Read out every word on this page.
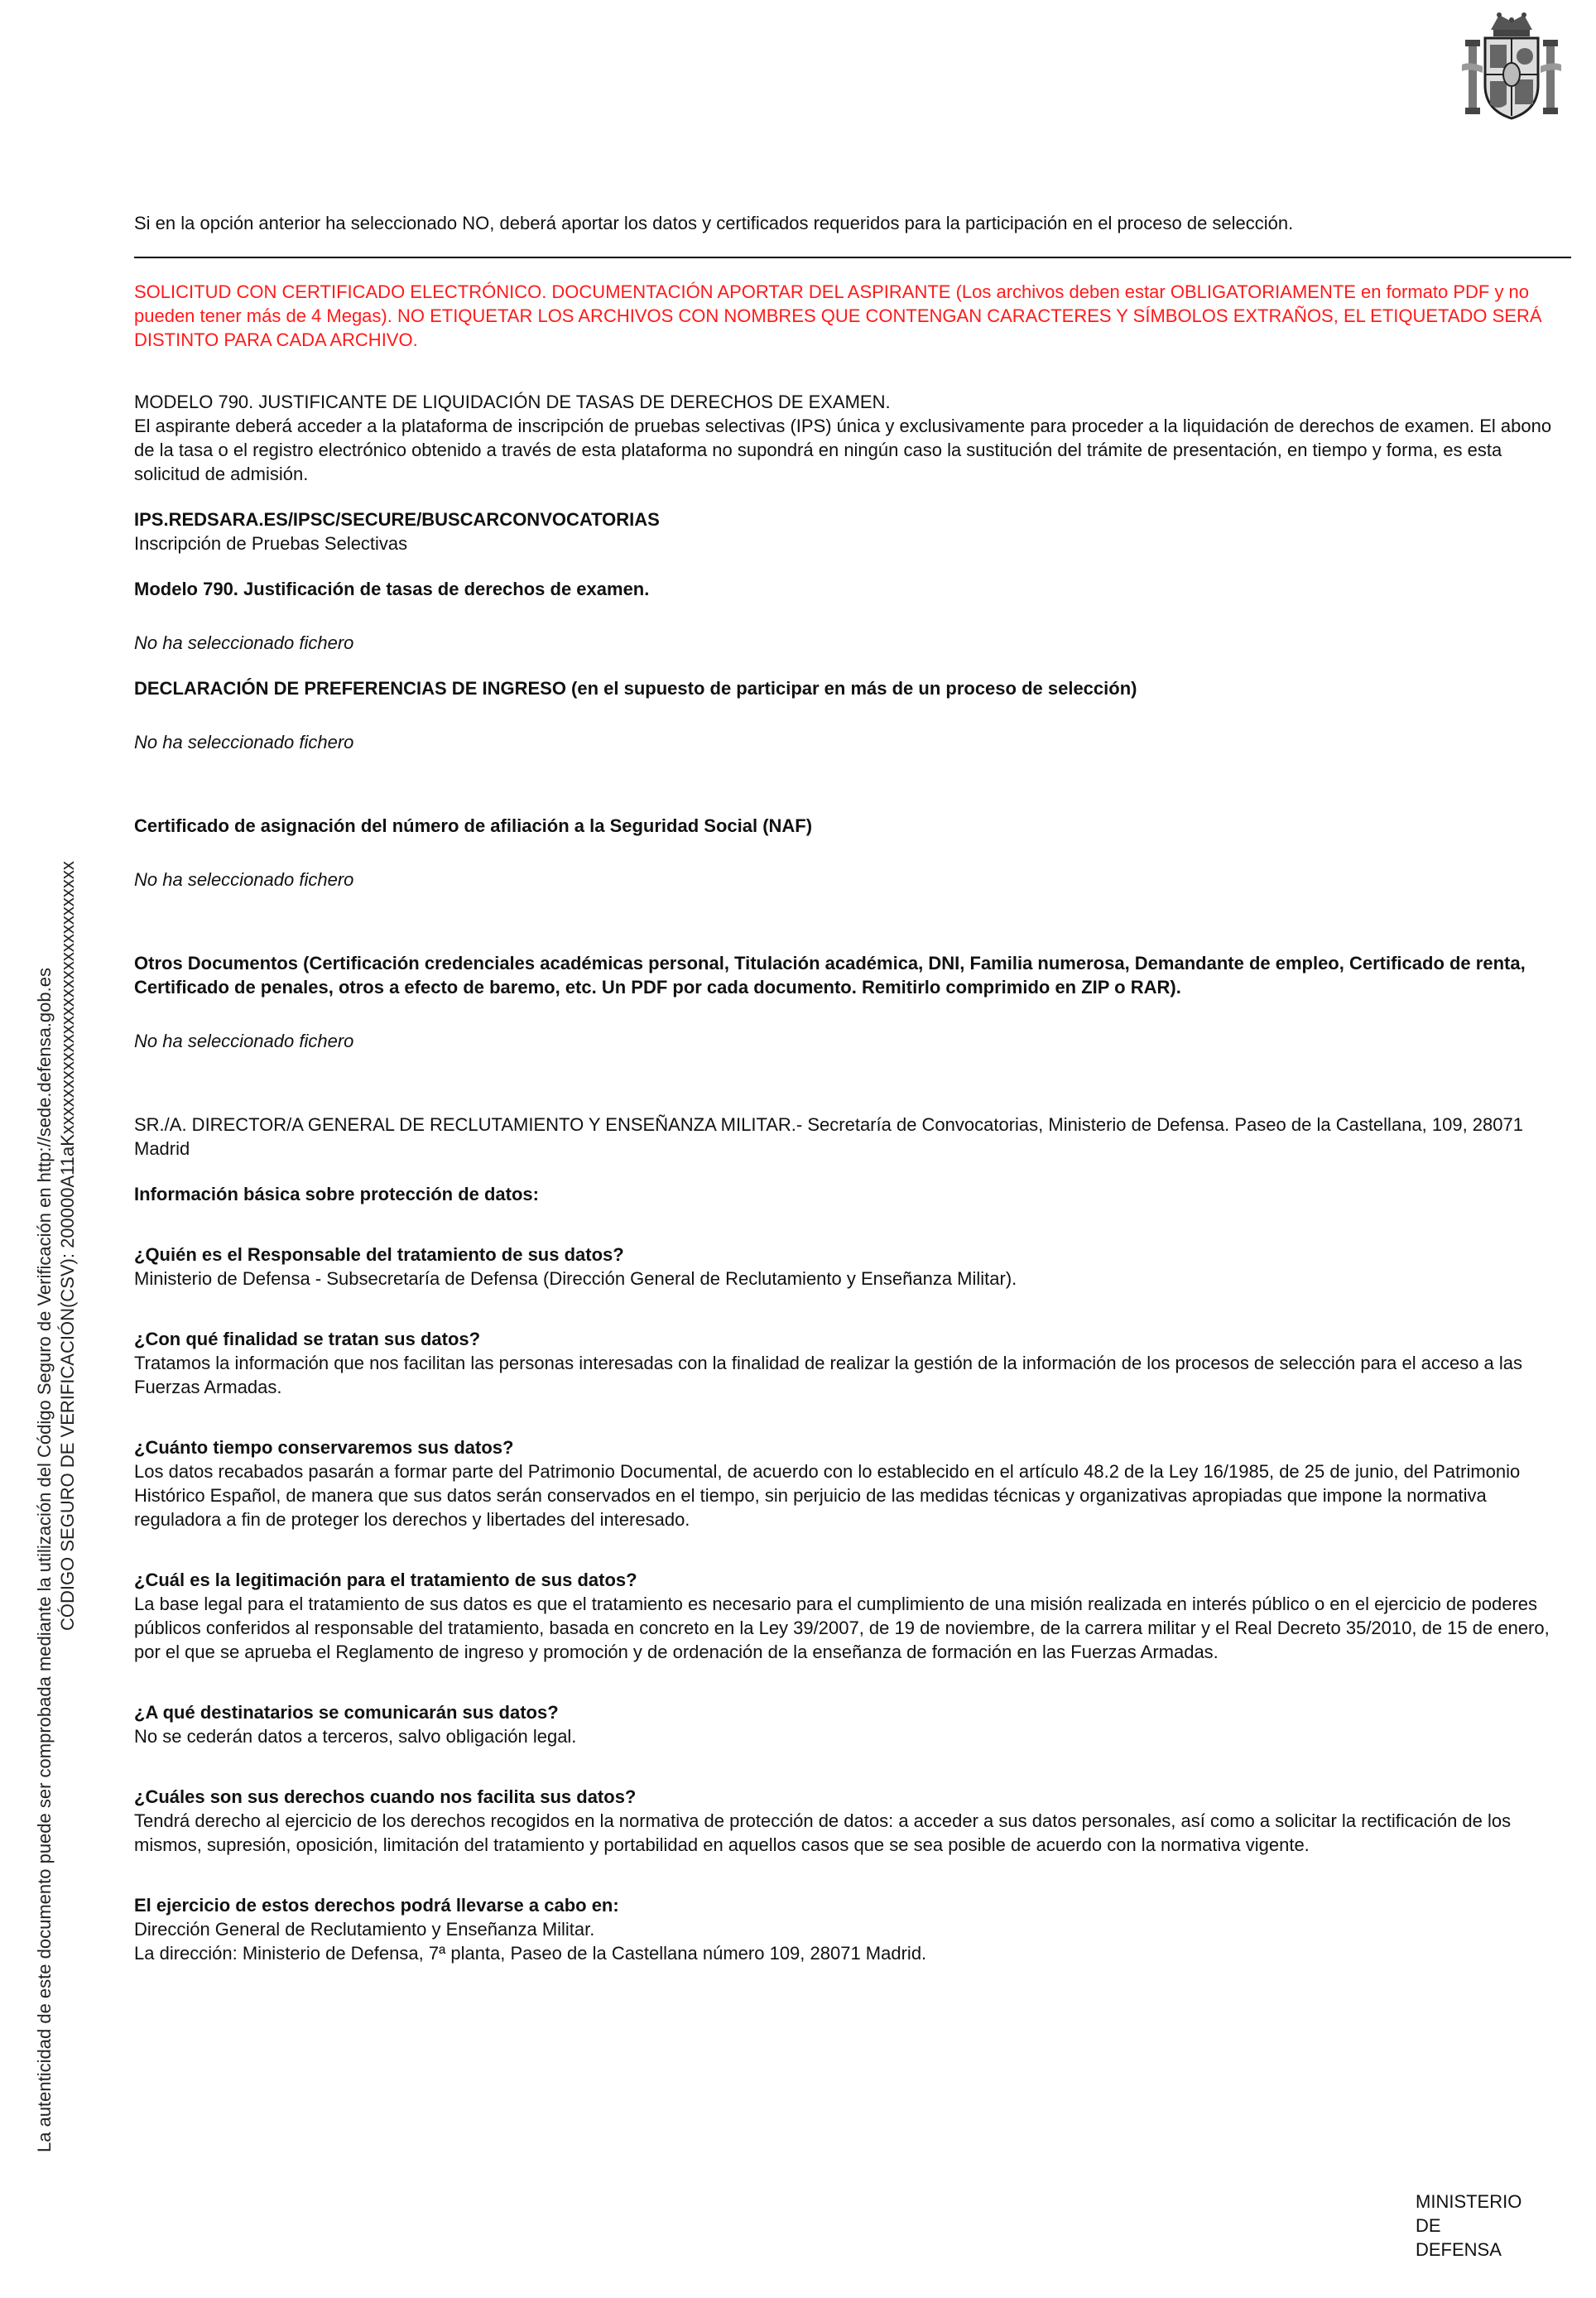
La autenticidad de este documento puede ser comprobada mediante la utilización del Código Seguro de Verificación en http://sede.defensa.gob.es CÓDIGO SEGURO DE VERIFICACIÓN(CSV): 200000A11aKxxxxxxxxxxxxxxxxxxxxxxxxxxxxxx

Si en la opción anterior ha seleccionado NO, deberá aportar los datos y certificados requeridos para la participación en el proceso de selección.

SOLICITUD CON CERTIFICADO ELECTRÓNICO. DOCUMENTACIÓN APORTAR DEL ASPIRANTE (Los archivos deben estar OBLIGATORIAMENTE en formato PDF y no pueden tener más de 4 Megas). NO ETIQUETAR LOS ARCHIVOS CON NOMBRES QUE CONTENGAN CARACTERES Y SÍMBOLOS EXTRAÑOS, EL ETIQUETADO SERÁ DISTINTO PARA CADA ARCHIVO.

MODELO 790. JUSTIFICANTE DE LIQUIDACIÓN DE TASAS DE DERECHOS DE EXAMEN.

El aspirante deberá acceder a la plataforma de inscripción de pruebas selectivas (IPS) única y exclusivamente para proceder a la liquidación de derechos de examen. El abono de la tasa o el registro electrónico obtenido a través de esta plataforma no supondrá en ningún caso la sustitución del trámite de presentación, en tiempo y forma, es esta solicitud de admisión.

IPS.REDSARA.ES/IPSC/SECURE/BUSCARCONVOCATORIAS

Inscripción de Pruebas Selectivas

Modelo 790. Justificación de tasas de derechos de examen.

No ha seleccionado fichero

DECLARACIÓN DE PREFERENCIAS DE INGRESO (en el supuesto de participar en más de un proceso de selección)

No ha seleccionado fichero

Certificado de asignación del número de afiliación a la Seguridad Social (NAF)

No ha seleccionado fichero

Otros Documentos (Certificación credenciales académicas personal, Titulación académica, DNI, Familia numerosa, Demandante de empleo, Certificado de renta, Certificado de penales, otros a efecto de baremo, etc. Un PDF por cada documento. Remitirlo comprimido en ZIP o RAR).

No ha seleccionado fichero

SR./A. DIRECTOR/A GENERAL DE RECLUTAMIENTO Y ENSEÑANZA MILITAR.- Secretaría de Convocatorias, Ministerio de Defensa. Paseo de la Castellana, 109, 28071 Madrid

Información básica sobre protección de datos:

¿Quién es el Responsable del tratamiento de sus datos?

Ministerio de Defensa - Subsecretaría de Defensa (Dirección General de Reclutamiento y Enseñanza Militar).

¿Con qué finalidad se tratan sus datos?

Tratamos la información que nos facilitan las personas interesadas con la finalidad de realizar la gestión de la información de los procesos de selección para el acceso a las Fuerzas Armadas.

¿Cuánto tiempo conservaremos sus datos?

Los datos recabados pasarán a formar parte del Patrimonio Documental, de acuerdo con lo establecido en el artículo 48.2 de la Ley 16/1985, de 25 de junio, del Patrimonio Histórico Español, de manera que sus datos serán conservados en el tiempo, sin perjuicio de las medidas técnicas y organizativas apropiadas que impone la normativa reguladora a fin de proteger los derechos y libertades del interesado.

¿Cuál es la legitimación para el tratamiento de sus datos?

La base legal para el tratamiento de sus datos es que el tratamiento es necesario para el cumplimiento de una misión realizada en interés público o en el ejercicio de poderes públicos conferidos al responsable del tratamiento, basada en concreto en la Ley 39/2007, de 19 de noviembre, de la carrera militar y el Real Decreto 35/2010, de 15 de enero, por el que se aprueba el Reglamento de ingreso y promoción y de ordenación de la enseñanza de formación en las Fuerzas Armadas.

¿A qué destinatarios se comunicarán sus datos?

No se cederán datos a terceros, salvo obligación legal.

¿Cuáles son sus derechos cuando nos facilita sus datos?

Tendrá derecho al ejercicio de los derechos recogidos en la normativa de protección de datos: a acceder a sus datos personales, así como a solicitar la rectificación de los mismos, supresión, oposición, limitación del tratamiento y portabilidad en aquellos casos que se sea posible de acuerdo con la normativa vigente.

El ejercicio de estos derechos podrá llevarse a cabo en:

Dirección General de Reclutamiento y Enseñanza Militar.

La dirección: Ministerio de Defensa, 7ª planta, Paseo de la Castellana número 109, 28071 Madrid.

MINISTERIO
DE
DEFENSA
